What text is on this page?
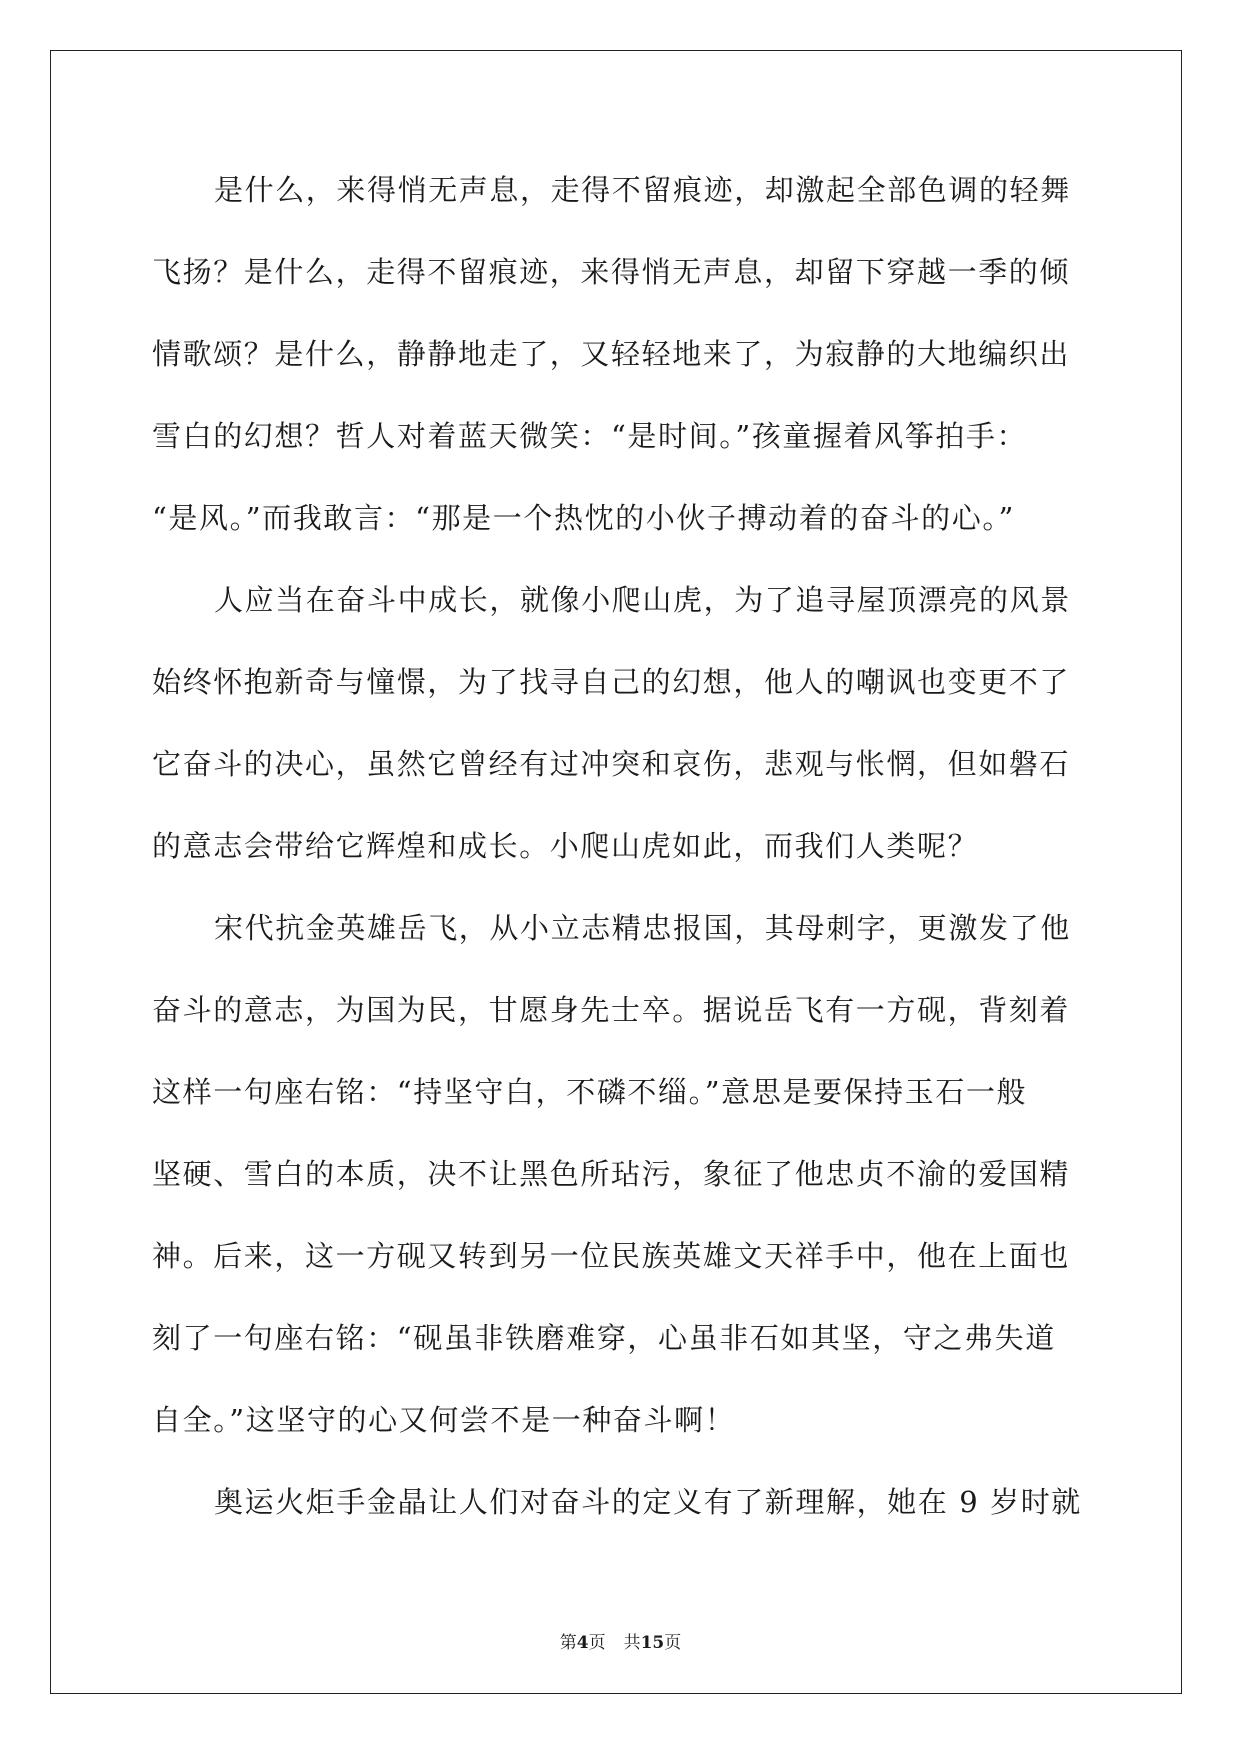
是什么，来得悄无声息，走得不留痕迹，却激起全部色调的轻舞
飞扬？是什么，走得不留痕迹，来得悄无声息，却留下穿越一季的倾
情歌颂？是什么，静静地走了，又轻轻地来了，为寂静的大地编织出
雪白的幻想？哲人对着蓝天微笑：“是时间。”孩童握着风筝拍手：
“是风。”而我敢言：“那是一个热忱的小伙子搏动着的奋斗的心。”
人应当在奋斗中成长，就像小爬山虎，为了追寻屋顶漂亮的风景
始终怀抱新奇与憧憬，为了找寻自己的幻想，他人的嘲讽也变更不了
它奋斗的决心，虽然它曾经有过冲突和哀伤，悲观与怅惘，但如磐石
的意志会带给它辉煌和成长。小爬山虎如此，而我们人类呢？
宋代抗金英雄岳飞，从小立志精忠报国，其母刺字，更激发了他
奋斗的意志，为国为民，甘愿身先士卒。据说岳飞有一方砚，背刻着
这样一句座右铭：“持坚守白，不磷不缁。”意思是要保持玉石一般
坚硬、雪白的本质，决不让黑色所玷污，象征了他忠贞不渝的爱国精
神。后来，这一方砚又转到另一位民族英雄文天祥手中，他在上面也
刻了一句座右铭：“砚虽非铁磨难穿，心虽非石如其坚，守之弗失道
自全。”这坚守的心又何尝不是一种奋斗啊！
奥运火炬手金晶让人们对奋斗的定义有了新理解，她在 9 岁时就
第4页 共15页
